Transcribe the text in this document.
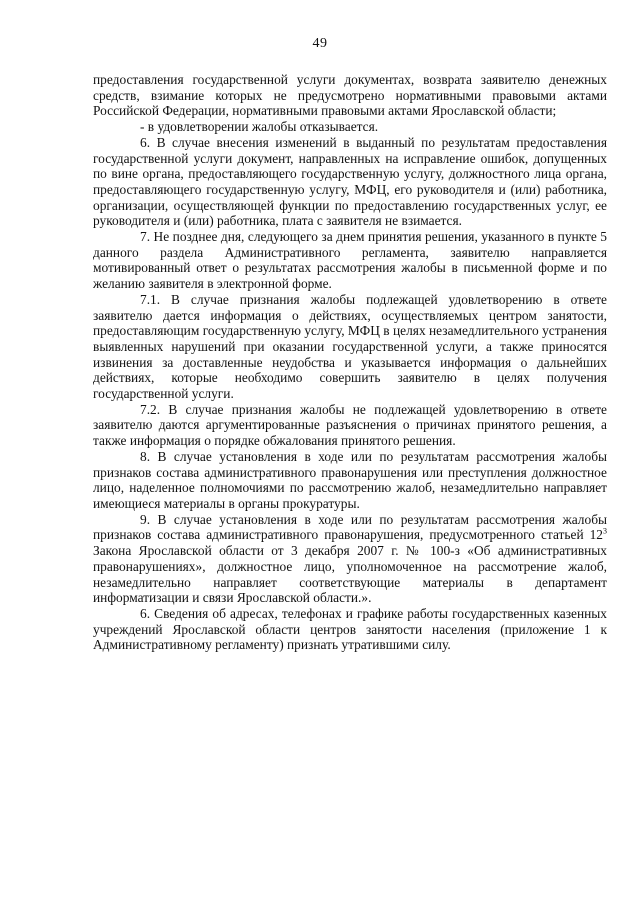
49

предоставления государственной услуги документах, возврата заявителю денежных средств, взимание которых не предусмотрено нормативными правовыми актами Российской Федерации, нормативными правовыми актами Ярославской области;

- в удовлетворении жалобы отказывается.

6. В случае внесения изменений в выданный по результатам предоставления государственной услуги документ, направленных на исправление ошибок, допущенных по вине органа, предоставляющего государственную услугу, должностного лица органа, предоставляющего государственную услугу, МФЦ, его руководителя и (или) работника, организации, осуществляющей функции по предоставлению государственных услуг, ее руководителя и (или) работника, плата с заявителя не взимается.

7. Не позднее дня, следующего за днем принятия решения, указанного в пункте 5 данного раздела Административного регламента, заявителю направляется мотивированный ответ о результатах рассмотрения жалобы в письменной форме и по желанию заявителя в электронной форме.

7.1. В случае признания жалобы подлежащей удовлетворению в ответе заявителю дается информация о действиях, осуществляемых центром занятости, предоставляющим государственную услугу, МФЦ в целях незамедлительного устранения выявленных нарушений при оказании государственной услуги, а также приносятся извинения за доставленные неудобства и указывается информация о дальнейших действиях, которые необходимо совершить заявителю в целях получения государственной услуги.

7.2. В случае признания жалобы не подлежащей удовлетворению в ответе заявителю даются аргументированные разъяснения о причинах принятого решения, а также информация о порядке обжалования принятого решения.

8. В случае установления в ходе или по результатам рассмотрения жалобы признаков состава административного правонарушения или преступления должностное лицо, наделенное полномочиями по рассмотрению жалоб, незамедлительно направляет имеющиеся материалы в органы прокуратуры.

9. В случае установления в ходе или по результатам рассмотрения жалобы признаков состава административного правонарушения, предусмотренного статьей $12^3$ Закона Ярославской области от 3 декабря 2007 г. № 100-з «Об административных правонарушениях», должностное лицо, уполномоченное на рассмотрение жалоб, незамедлительно направляет соответствующие материалы в департамент информатизации и связи Ярославской области.».

6. Сведения об адресах, телефонах и графике работы государственных казенных учреждений Ярославской области центров занятости населения (приложение 1 к Административному регламенту) признать утратившими силу.
